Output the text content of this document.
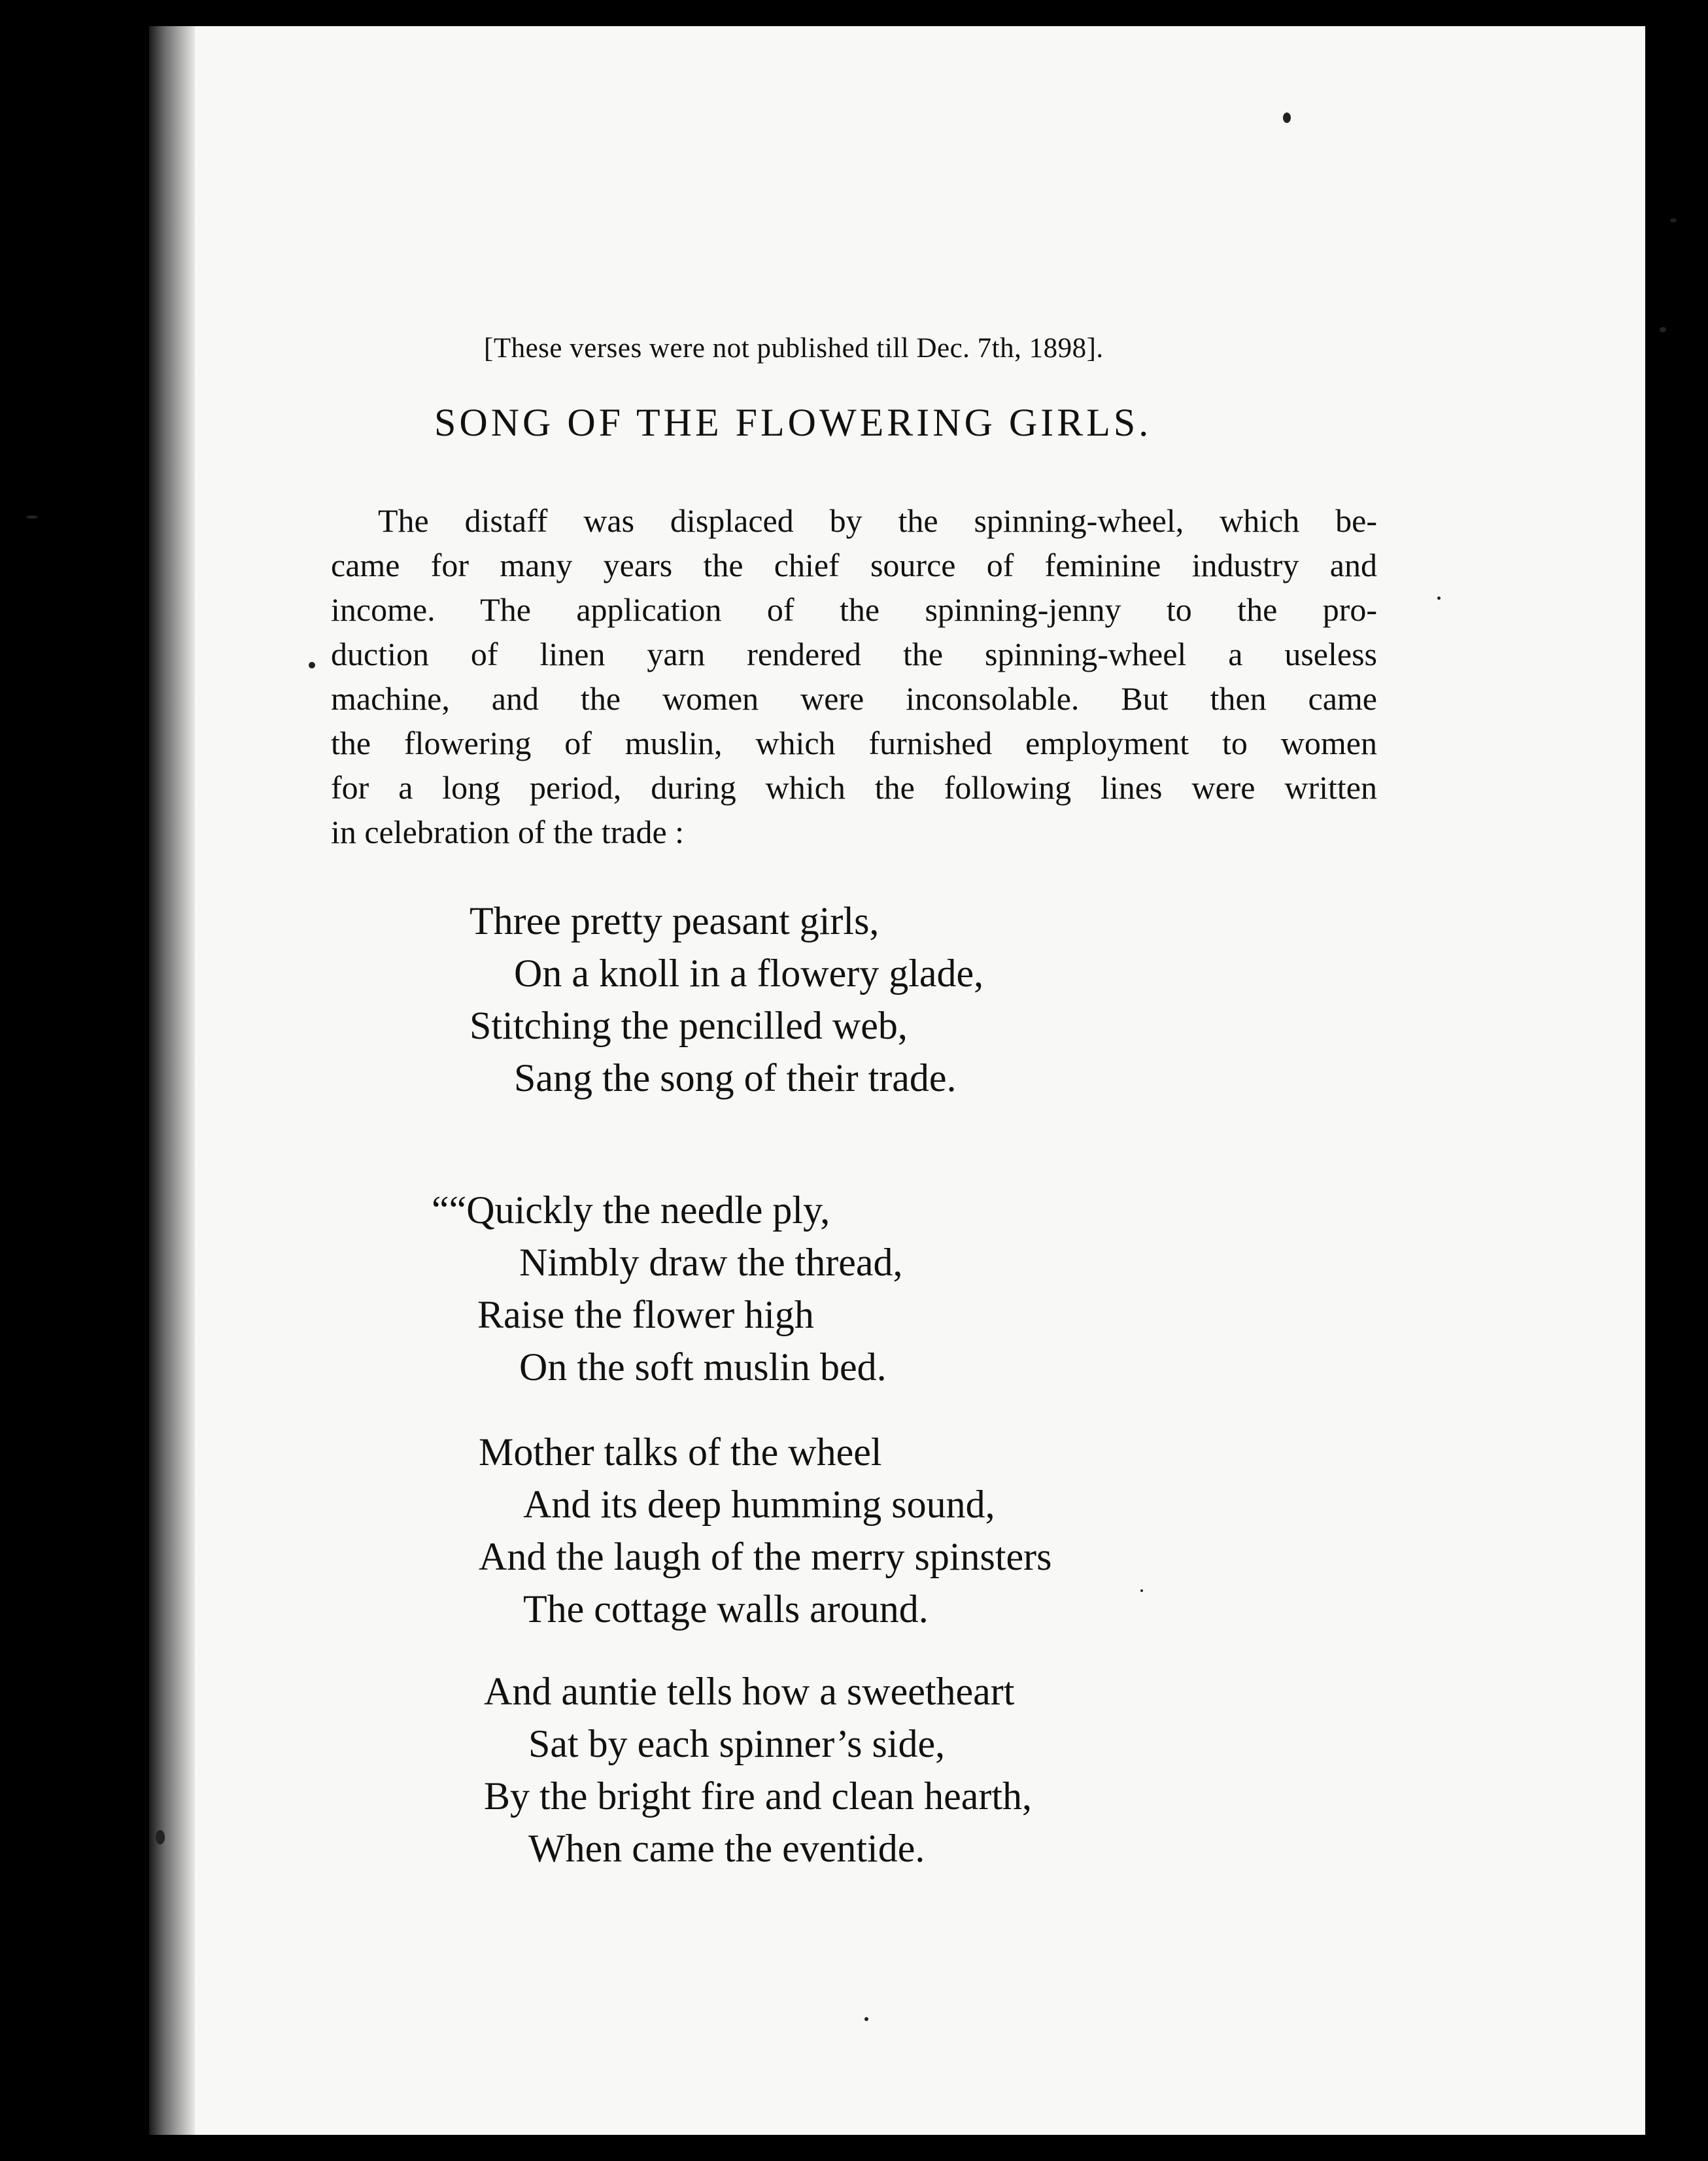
[These verses were not published till Dec. 7th, 1898].
SONG OF THE FLOWERING GIRLS.
The distaff was displaced by the spinning-wheel, which be-
came for many years the chief source of feminine industry and
income. The application of the spinning-jenny to the pro-
duction of linen yarn rendered the spinning-wheel a useless
machine, and the women were inconsolable. But then came
the flowering of muslin, which furnished employment to women
for a long period, during which the following lines were written
in celebration of the trade :
Three pretty peasant girls,
On a knoll in a flowery glade,
Stitching the pencilled web,
Sang the song of their trade.
““Quickly the needle ply,
Nimbly draw the thread,
Raise the flower high
On the soft muslin bed.
Mother talks of the wheel
And its deep humming sound,
And the laugh of the merry spinsters
The cottage walls around.
And auntie tells how a sweetheart
Sat by each spinner’s side,
By the bright fire and clean hearth,
When came the eventide.
